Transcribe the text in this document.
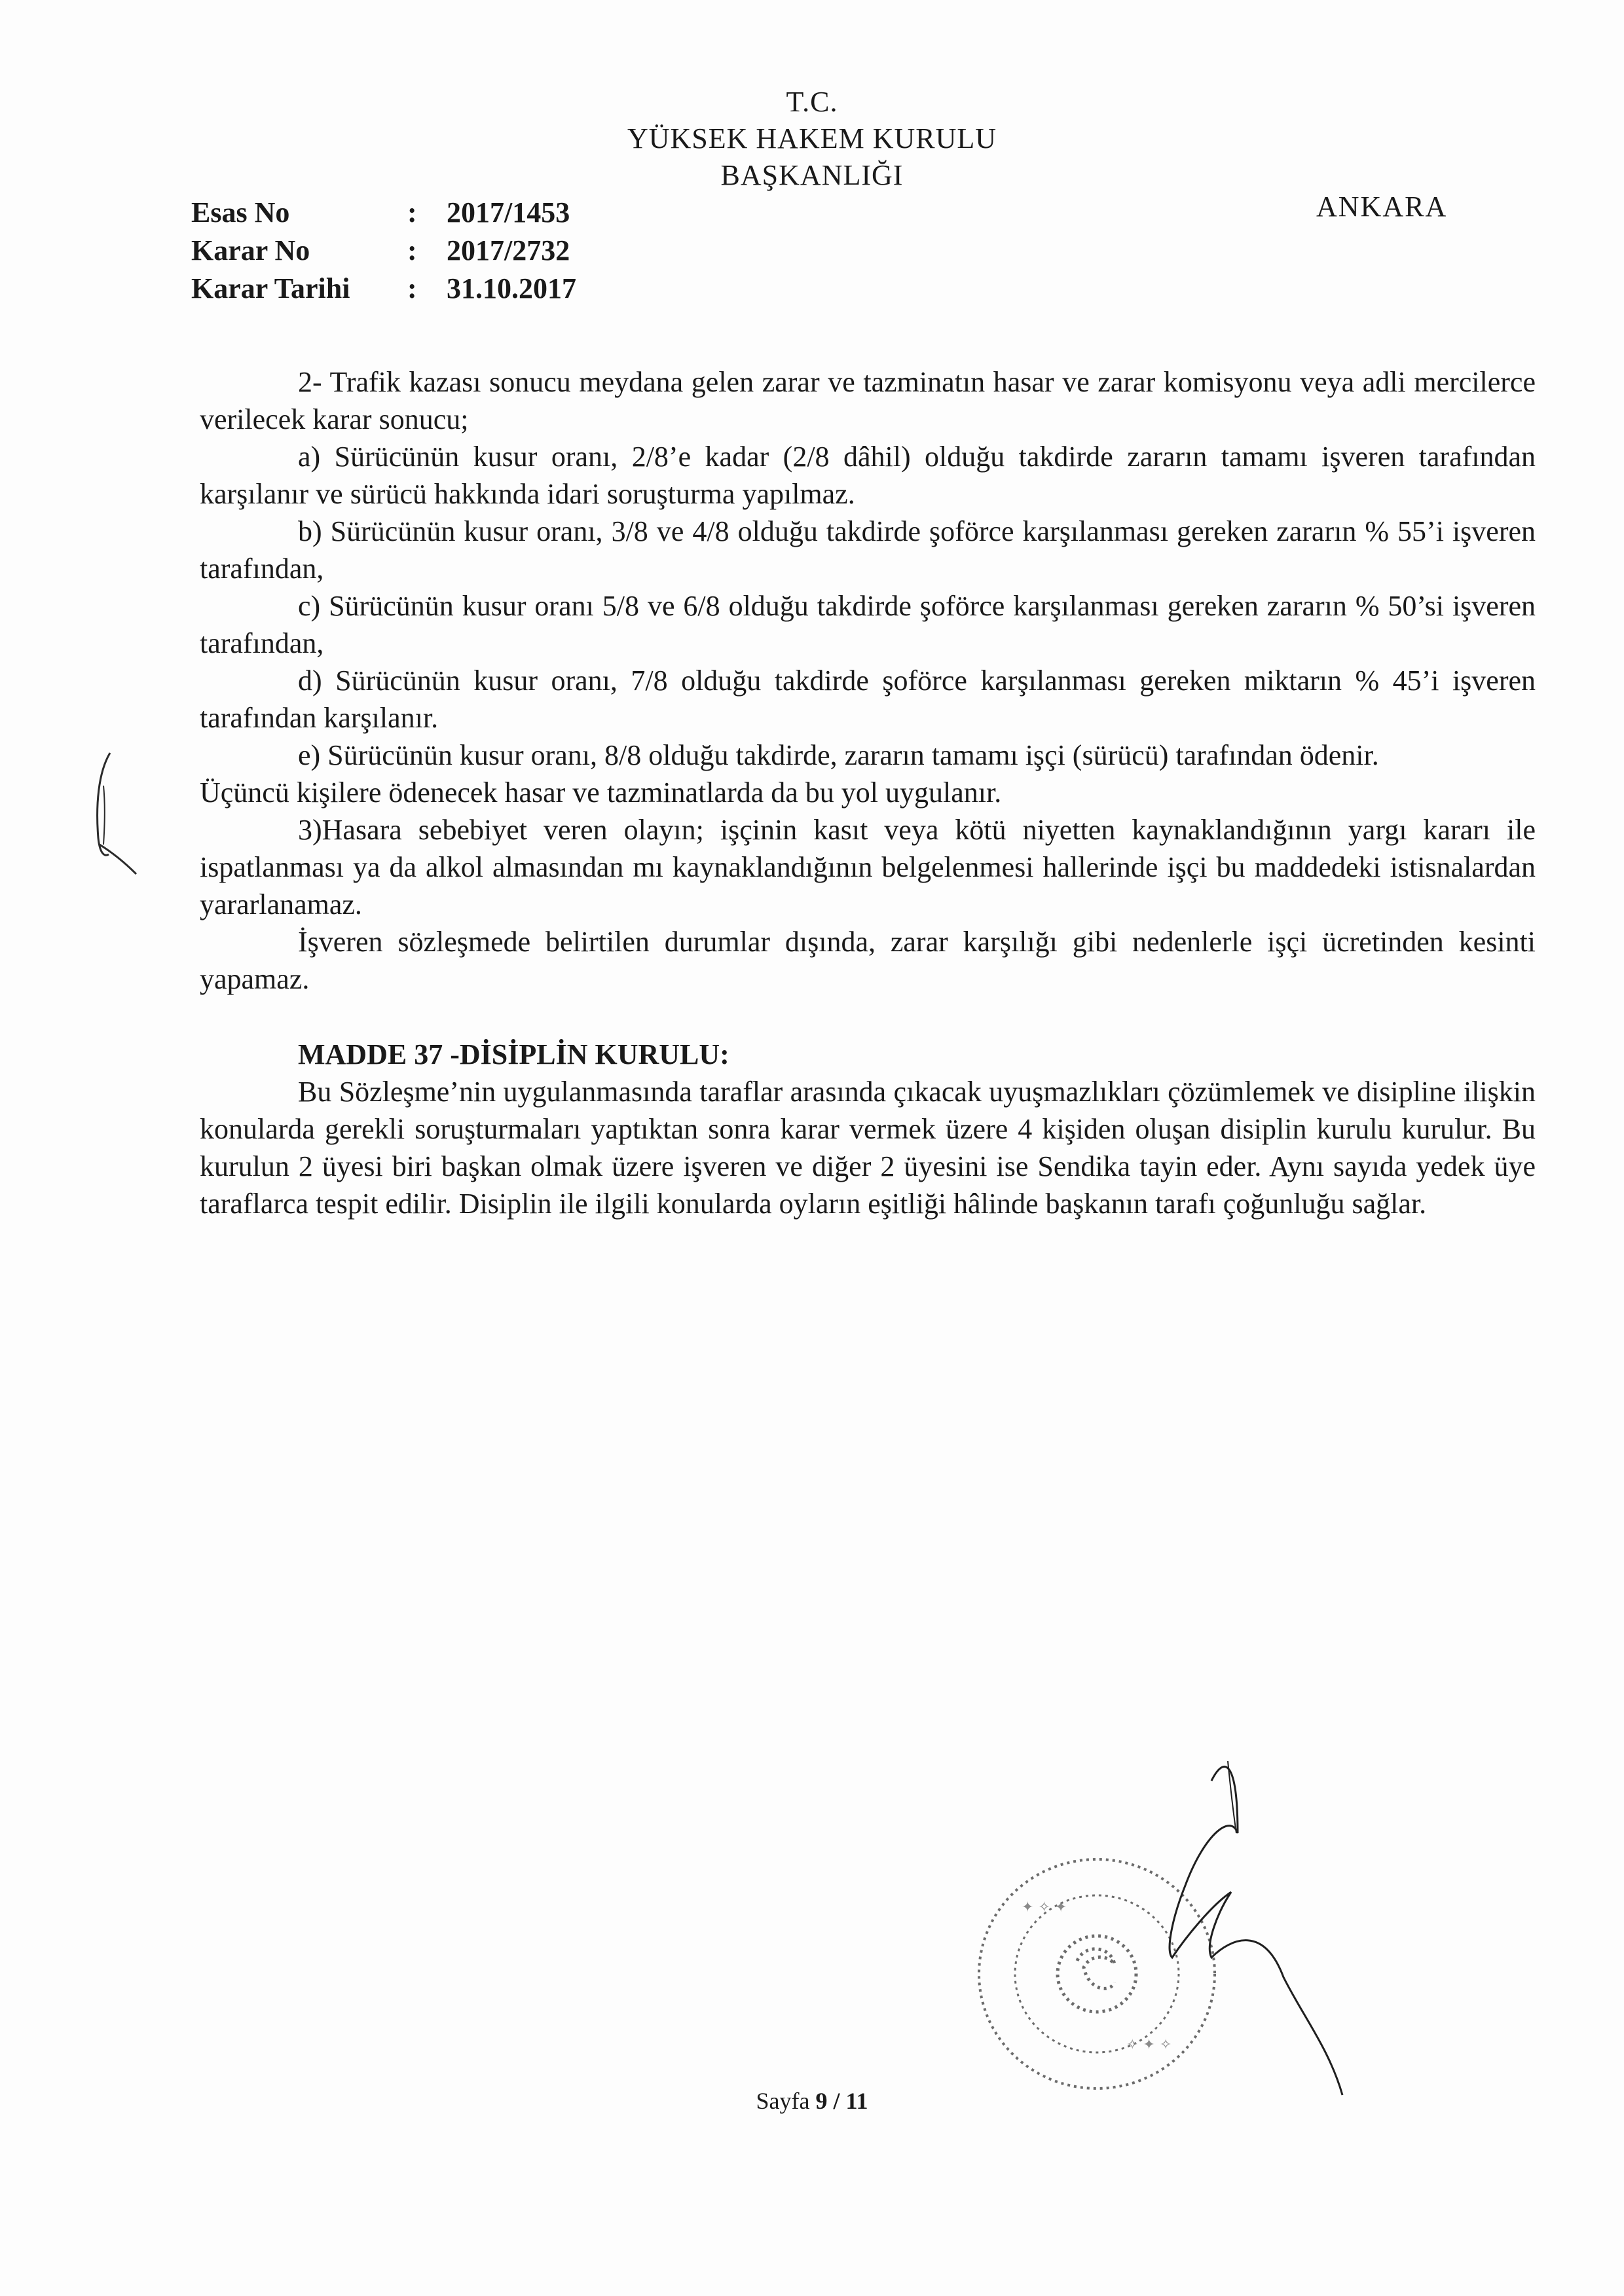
T.C.
YÜKSEK HAKEM KURULU
BAŞKANLIĞI
ANKARA
Esas No	:	2017/1453
Karar No	:	2017/2732
Karar Tarihi	:	31.10.2017

2- Trafik kazası sonucu meydana gelen zarar ve tazminatın hasar ve zarar komisyonu veya adli mercilerce verilecek karar sonucu;

a) Sürücünün kusur oranı, 2/8’e kadar (2/8 dâhil) olduğu takdirde zararın tamamı işveren tarafından karşılanır ve sürücü hakkında idari soruşturma yapılmaz.

b) Sürücünün kusur oranı, 3/8 ve 4/8 olduğu takdirde şoförce karşılanması gereken zararın % 55’i işveren tarafından,

c) Sürücünün kusur oranı 5/8 ve 6/8 olduğu takdirde şoförce karşılanması gereken zararın % 50’si işveren tarafından,

d) Sürücünün kusur oranı, 7/8 olduğu takdirde şoförce karşılanması gereken miktarın % 45’i işveren tarafından karşılanır.

e) Sürücünün kusur oranı, 8/8 olduğu takdirde, zararın tamamı işçi (sürücü) tarafından ödenir.

Üçüncü kişilere ödenecek hasar ve tazminatlarda da bu yol uygulanır.

3)Hasara sebebiyet veren olayın; işçinin kasıt veya kötü niyetten kaynaklandığının yargı kararı ile ispatlanması ya da alkol almasından mı kaynaklandığının belgelenmesi hallerinde işçi bu maddedeki istisnalardan yararlanamaz.

İşveren sözleşmede belirtilen durumlar dışında, zarar karşılığı gibi nedenlerle işçi ücretinden kesinti yapamaz.

MADDE 37 -DİSİPLİN KURULU:

Bu Sözleşme’nin uygulanmasında taraflar arasında çıkacak uyuşmazlıkları çözümlemek ve disipline ilişkin konularda gerekli soruşturmaları yaptıktan sonra karar vermek üzere 4 kişiden oluşan disiplin kurulu kurulur. Bu kurulun 2 üyesi biri başkan olmak üzere işveren ve diğer 2 üyesini ise Sendika tayin eder. Aynı sayıda yedek üye taraflarca tespit edilir. Disiplin ile ilgili konularda oyların eşitliği hâlinde başkanın tarafı çoğunluğu sağlar.

✦ ✧ ✦
✧ ✦ ✧
Sayfa 9 / 11
